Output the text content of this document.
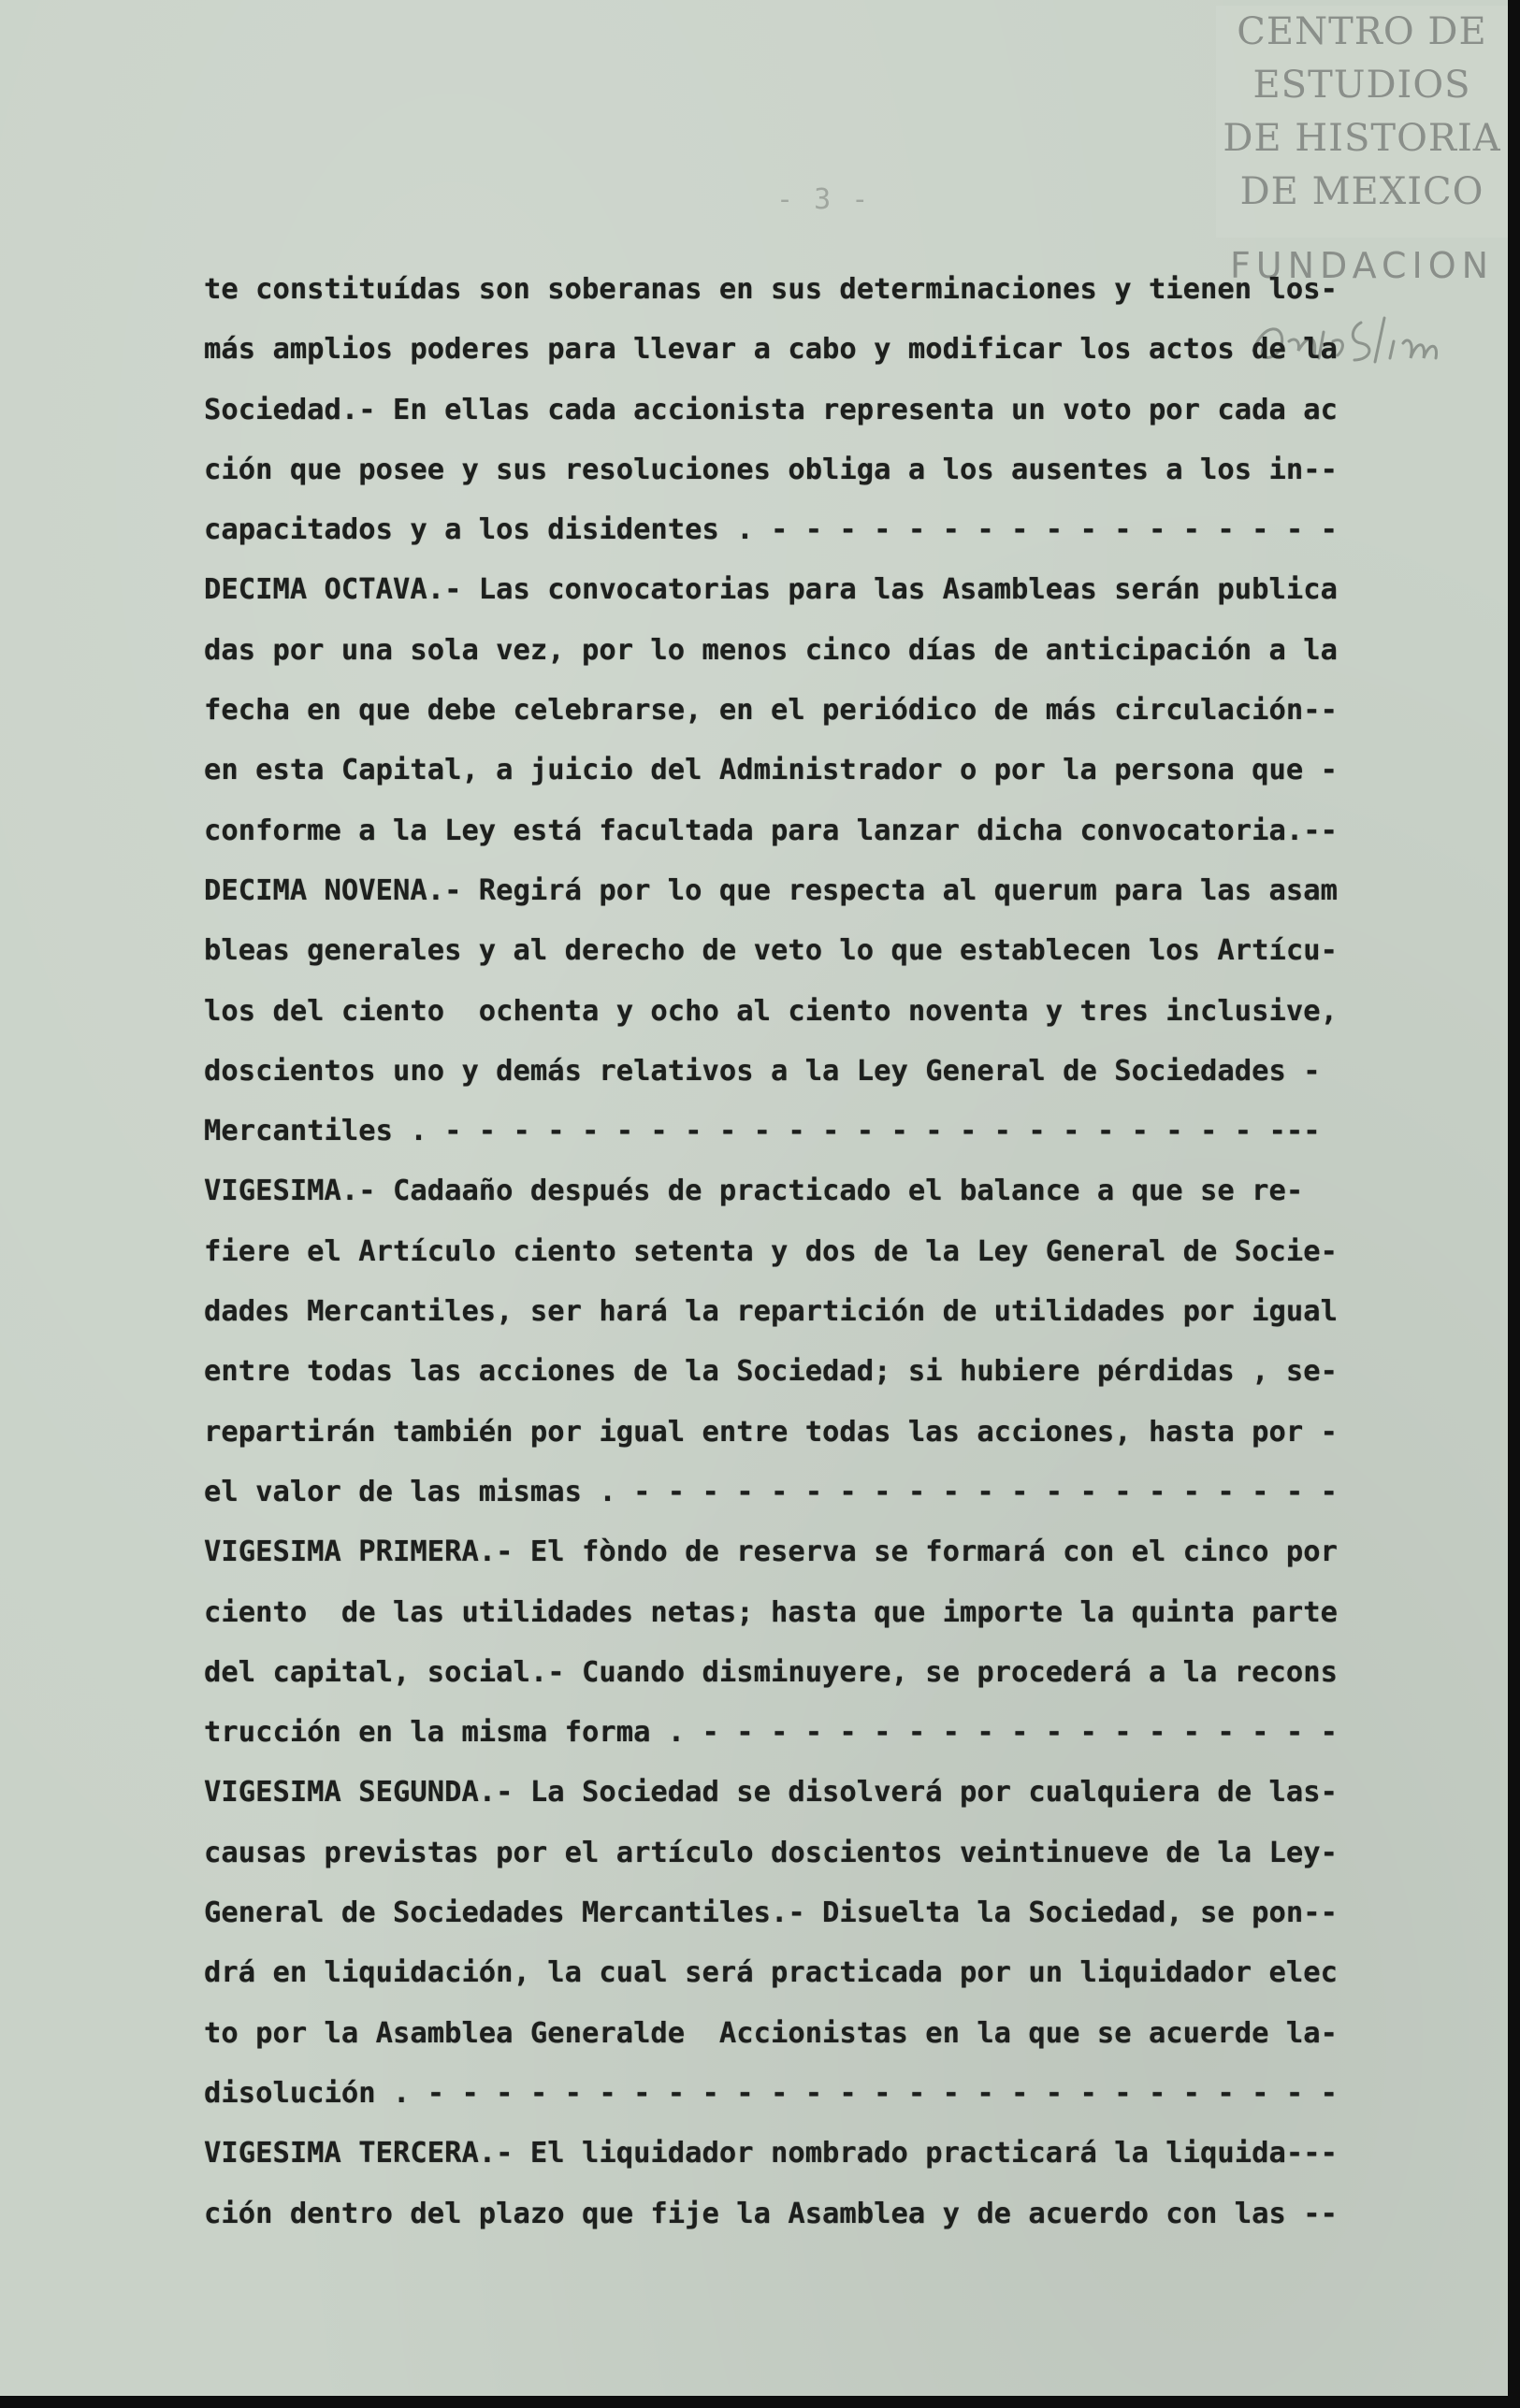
- 3 -
CENTRO DE
ESTUDIOS
DE HISTORIA
DE MEXICO
FUNDACION
te constituídas son soberanas en sus determinaciones y tienen los-
más amplios poderes para llevar a cabo y modificar los actos de la
Sociedad.- En ellas cada accionista representa un voto por cada ac
ción que posee y sus resoluciones obliga a los ausentes a los in--
capacitados y a los disidentes . - - - - - - - - - - - - - - - - -
DECIMA OCTAVA.- Las convocatorias para las Asambleas serán publica
das por una sola vez, por lo menos cinco días de anticipación a la
fecha en que debe celebrarse, en el periódico de más circulación--
en esta Capital, a juicio del Administrador o por la persona que -
conforme a la Ley está facultada para lanzar dicha convocatoria.--
DECIMA NOVENA.- Regirá por lo que respecta al querum para las asam
bleas generales y al derecho de veto lo que establecen los Artícu-
los del ciento  ochenta y ocho al ciento noventa y tres inclusive,
doscientos uno y demás relativos a la Ley General de Sociedades -
Mercantiles . - - - - - - - - - - - - - - - - - - - - - - - - ---
VIGESIMA.- Cadaaño después de practicado el balance a que se re-
fiere el Artículo ciento setenta y dos de la Ley General de Socie-
dades Mercantiles, ser hará la repartición de utilidades por igual
entre todas las acciones de la Sociedad; si hubiere pérdidas , se-
repartirán también por igual entre todas las acciones, hasta por -
el valor de las mismas . - - - - - - - - - - - - - - - - - - - - -
VIGESIMA PRIMERA.- El fòndo de reserva se formará con el cinco por
ciento  de las utilidades netas; hasta que importe la quinta parte
del capital, social.- Cuando disminuyere, se procederá a la recons
trucción en la misma forma . - - - - - - - - - - - - - - - - - - -
VIGESIMA SEGUNDA.- La Sociedad se disolverá por cualquiera de las-
causas previstas por el artículo doscientos veintinueve de la Ley-
General de Sociedades Mercantiles.- Disuelta la Sociedad, se pon--
drá en liquidación, la cual será practicada por un liquidador elec
to por la Asamblea Generalde  Accionistas en la que se acuerde la-
disolución . - - - - - - - - - - - - - - - - - - - - - - - - - - -
VIGESIMA TERCERA.- El liquidador nombrado practicará la liquida---
ción dentro del plazo que fije la Asamblea y de acuerdo con las --
